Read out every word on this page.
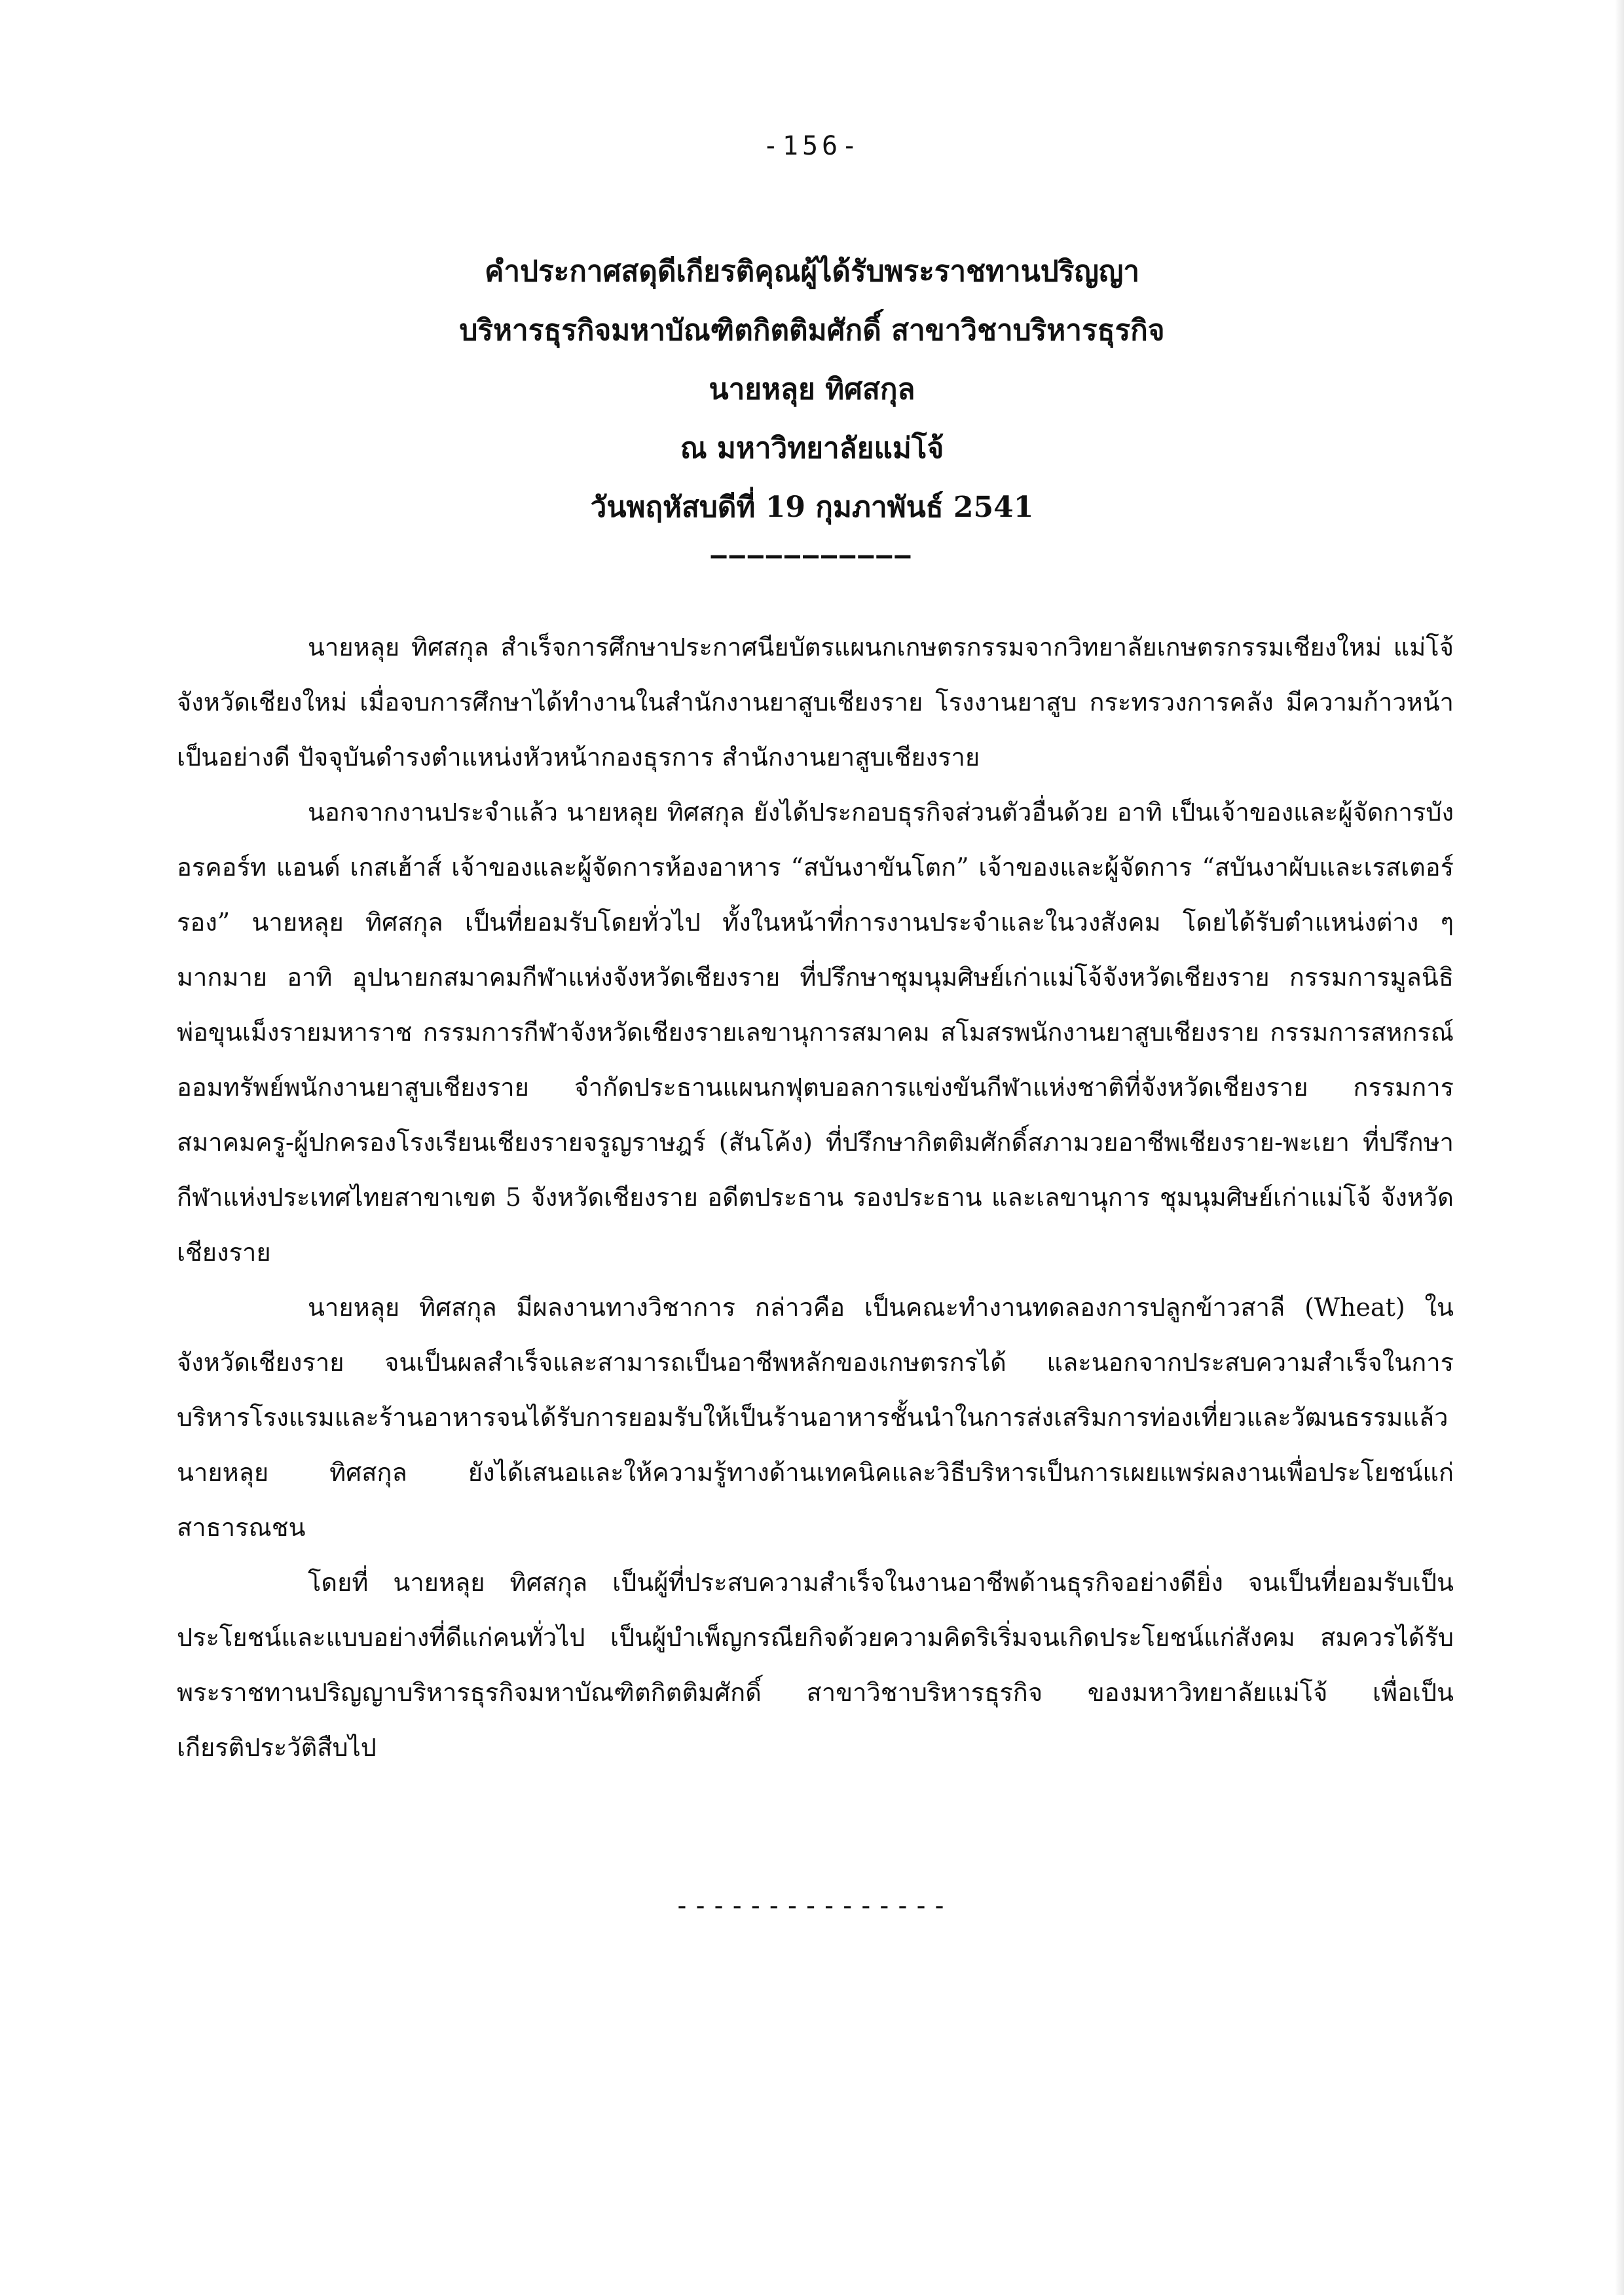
-156-
คำประกาศสดุดีเกียรติคุณผู้ได้รับพระราชทานปริญญา
บริหารธุรกิจมหาบัณฑิตกิตติมศักดิ์ สาขาวิชาบริหารธุรกิจ
นายหลุย ทิศสกุล
ณ มหาวิทยาลัยแม่โจ้
วันพฤหัสบดีที่ 19 กุมภาพันธ์ 2541
———————————

นายหลุย ทิศสกุล สำเร็จการศึกษาประกาศนียบัตรแผนกเกษตรกรรมจากวิทยาลัยเกษตรกรรมเชียงใหม่ แม่โจ้ จังหวัดเชียงใหม่ เมื่อจบการศึกษาได้ทำงานในสำนักงานยาสูบเชียงราย โรงงานยาสูบ กระทรวงการคลัง มีความก้าวหน้าเป็นอย่างดี ปัจจุบันดำรงตำแหน่งหัวหน้ากองธุรการ สำนักงานยาสูบเชียงราย

นอกจากงานประจำแล้ว นายหลุย ทิศสกุล ยังได้ประกอบธุรกิจส่วนตัวอื่นด้วย อาทิ เป็นเจ้าของและผู้จัดการบังอรคอร์ท แอนด์ เกสเฮ้าส์ เจ้าของและผู้จัดการห้องอาหาร “สบันงาขันโตก” เจ้าของและผู้จัดการ “สบันงาผับและเรสเตอร์รอง” นายหลุย ทิศสกุล เป็นที่ยอมรับโดยทั่วไป ทั้งในหน้าที่การงานประจำและในวงสังคม โดยได้รับตำแหน่งต่าง ๆ มากมาย อาทิ อุปนายกสมาคมกีฬาแห่งจังหวัดเชียงราย ที่ปรึกษาชุมนุมศิษย์เก่าแม่โจ้จังหวัดเชียงราย กรรมการมูลนิธิพ่อขุนเม็งรายมหาราช กรรมการกีฬาจังหวัดเชียงรายเลขานุการสมาคม สโมสรพนักงานยาสูบเชียงราย กรรมการสหกรณ์ ออมทรัพย์พนักงานยาสูบเชียงราย จำกัดประธานแผนกฟุตบอลการแข่งขันกีฬาแห่งชาติที่จังหวัดเชียงราย กรรมการสมาคมครู-ผู้ปกครองโรงเรียนเชียงรายจรูญราษฎร์ (สันโค้ง) ที่ปรึกษากิตติมศักดิ์สภามวยอาชีพเชียงราย-พะเยา ที่ปรึกษากีฬาแห่งประเทศไทยสาขาเขต 5 จังหวัดเชียงราย อดีตประธาน รองประธาน และเลขานุการ ชุมนุมศิษย์เก่าแม่โจ้ จังหวัดเชียงราย

นายหลุย ทิศสกุล มีผลงานทางวิชาการ กล่าวคือ เป็นคณะทำงานทดลองการปลูกข้าวสาลี (Wheat) ในจังหวัดเชียงราย จนเป็นผลสำเร็จและสามารถเป็นอาชีพหลักของเกษตรกรได้ และนอกจากประสบความสำเร็จในการบริหารโรงแรมและร้านอาหารจนได้รับการยอมรับให้เป็นร้านอาหารชั้นนำในการส่งเสริมการท่องเที่ยวและวัฒนธรรมแล้ว นายหลุย ทิศสกุล ยังได้เสนอและให้ความรู้ทางด้านเทคนิคและวิธีบริหารเป็นการเผยแพร่ผลงานเพื่อประโยชน์แก่สาธารณชน

โดยที่ นายหลุย ทิศสกุล เป็นผู้ที่ประสบความสำเร็จในงานอาชีพด้านธุรกิจอย่างดียิ่ง จนเป็นที่ยอมรับเป็นประโยชน์และแบบอย่างที่ดีแก่คนทั่วไป เป็นผู้บำเพ็ญกรณียกิจด้วยความคิดริเริ่มจนเกิดประโยชน์แก่สังคม สมควรได้รับพระราชทานปริญญาบริหารธุรกิจมหาบัณฑิตกิตติมศักดิ์ สาขาวิชาบริหารธุรกิจ ของมหาวิทยาลัยแม่โจ้ เพื่อเป็นเกียรติประวัติสืบไป

---------------
